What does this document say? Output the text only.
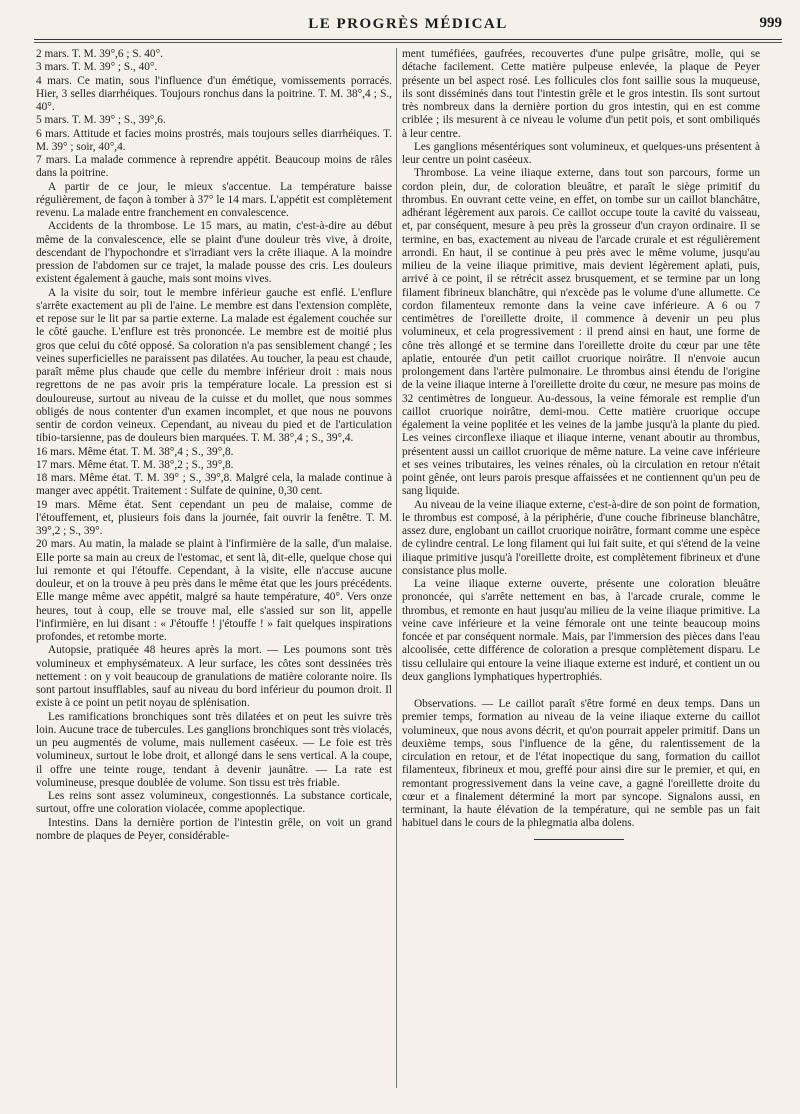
LE PROGRÈS MÉDICAL	999

2 mars. T. M. 39°,6 ; S. 40°.

3 mars. T. M. 39° ; S., 40°.

4 mars. Ce matin, sous l'influence d'un émétique, vomissements porracés. Hier, 3 selles diarrhéiques. Toujours ronchus dans la poitrine. T. M. 38°,4 ; S., 40°.

5 mars. T. M. 39° ; S., 39°,6.

6 mars. Attitude et facies moins prostrés, mais toujours selles diarrhéiques. T. M. 39° ; soir, 40°,4.

7 mars. La malade commence à reprendre appétit. Beaucoup moins de râles dans la poitrine.

A partir de ce jour, le mieux s'accentue. La température baisse régulièrement, de façon à tomber à 37° le 14 mars. L'appétit est complètement revenu. La malade entre franchement en convalescence.

Accidents de la thrombose. Le 15 mars, au matin, c'est-à-dire au début même de la convalescence, elle se plaint d'une douleur très vive, à droite, descendant de l'hypochondre et s'irradiant vers la crête iliaque. A la moindre pression de l'abdomen sur ce trajet, la malade pousse des cris. Les douleurs existent également à gauche, mais sont moins vives.

A la visite du soir, tout le membre inférieur gauche est enflé. L'enflure s'arrête exactement au pli de l'aine. Le membre est dans l'extension complète, et repose sur le lit par sa partie externe. La malade est également couchée sur le côté gauche. L'enflure est très prononcée. Le membre est de moitié plus gros que celui du côté opposé. Sa coloration n'a pas sensiblement changé ; les veines superficielles ne paraissent pas dilatées. Au toucher, la peau est chaude, paraît même plus chaude que celle du membre inférieur droit : mais nous regrettons de ne pas avoir pris la température locale. La pression est si douloureuse, surtout au niveau de la cuisse et du mollet, que nous sommes obligés de nous contenter d'un examen incomplet, et que nous ne pouvons sentir de cordon veineux. Cependant, au niveau du pied et de l'articulation tibio-tarsienne, pas de douleurs bien marquées. T. M. 38°,4 ; S., 39°,4.

16 mars. Même état. T. M. 38°,4 ; S., 39°,8.

17 mars. Même état. T. M. 38°,2 ; S., 39°,8.

18 mars. Même état. T. M. 39° ; S., 39°,8. Malgré cela, la malade continue à manger avec appétit. Traitement : Sulfate de quinine, 0,30 cent.

19 mars. Même état. Sent cependant un peu de malaise, comme de l'étouffement, et, plusieurs fois dans la journée, fait ouvrir la fenêtre. T. M. 39°,2 ; S., 39°.

20 mars. Au matin, la malade se plaint à l'infirmière de la salle, d'un malaise. Elle porte sa main au creux de l'estomac, et sent là, dit-elle, quelque chose qui lui remonte et qui l'étouffe. Cependant, à la visite, elle n'accuse aucune douleur, et on la trouve à peu près dans le même état que les jours précédents. Elle mange même avec appétit, malgré sa haute température, 40°. Vers onze heures, tout à coup, elle se trouve mal, elle s'assied sur son lit, appelle l'infirmière, en lui disant : « J'étouffe ! j'étouffe ! » fait quelques inspirations profondes, et retombe morte.

Autopsie, pratiquée 48 heures après la mort. — Les poumons sont très volumineux et emphysémateux. A leur surface, les côtes sont dessinées très nettement : on y voit beaucoup de granulations de matière colorante noire. Ils sont partout insufflables, sauf au niveau du bord inférieur du poumon droit. Il existe à ce point un petit noyau de splénisation.

Les ramifications bronchiques sont très dilatées et on peut les suivre très loin. Aucune trace de tubercules. Les ganglions bronchiques sont très violacés, un peu augmentés de volume, mais nullement caséeux. — Le foie est très volumineux, surtout le lobe droit, et allongé dans le sens vertical. A la coupe, il offre une teinte rouge, tendant à devenir jaunâtre. — La rate est volumineuse, presque doublée de volume. Son tissu est très friable.

Les reins sont assez volumineux, congestionnés. La substance corticale, surtout, offre une coloration violacée, comme apoplectique.

Intestins. Dans la dernière portion de l'intestin grêle, on voit un grand nombre de plaques de Peyer, considérable-

ment tuméfiées, gaufrées, recouvertes d'une pulpe grisâtre, molle, qui se détache facilement. Cette matière pulpeuse enlevée, la plaque de Peyer présente un bel aspect rosé. Les follicules clos font saillie sous la muqueuse, ils sont disséminés dans tout l'intestin grêle et le gros intestin. Ils sont surtout très nombreux dans la dernière portion du gros intestin, qui en est comme criblée ; ils mesurent à ce niveau le volume d'un petit pois, et sont ombiliqués à leur centre.

Les ganglions mésentériques sont volumineux, et quelques-uns présentent à leur centre un point caséeux.

Thrombose. La veine iliaque externe, dans tout son parcours, forme un cordon plein, dur, de coloration bleuâtre, et paraît le siège primitif du thrombus. En ouvrant cette veine, en effet, on tombe sur un caillot blanchâtre, adhérant légèrement aux parois. Ce caillot occupe toute la cavité du vaisseau, et, par conséquent, mesure à peu près la grosseur d'un crayon ordinaire. Il se termine, en bas, exactement au niveau de l'arcade crurale et est régulièrement arrondi. En haut, il se continue à peu près avec le même volume, jusqu'au milieu de la veine iliaque primitive, mais devient légèrement aplati, puis, arrivé à ce point, il se rétrécit assez brusquement, et se termine par un long filament fibrineux blanchâtre, qui n'excède pas le volume d'une allumette. Ce cordon filamenteux remonte dans la veine cave inférieure. A 6 ou 7 centimètres de l'oreillette droite, il commence à devenir un peu plus volumineux, et cela progressivement : il prend ainsi en haut, une forme de cône très allongé et se termine dans l'oreillette droite du cœur par une tête aplatie, entourée d'un petit caillot cruorique noirâtre. Il n'envoie aucun prolongement dans l'artère pulmonaire. Le thrombus ainsi étendu de l'origine de la veine iliaque interne à l'oreillette droite du cœur, ne mesure pas moins de 32 centimètres de longueur. Au-dessous, la veine fémorale est remplie d'un caillot cruorique noirâtre, demi-mou. Cette matière cruorique occupe également la veine poplitée et les veines de la jambe jusqu'à la plante du pied. Les veines circonflexe iliaque et iliaque interne, venant aboutir au thrombus, présentent aussi un caillot cruorique de même nature. La veine cave inférieure et ses veines tributaires, les veines rénales, où la circulation en retour n'était point gênée, ont leurs parois presque affaissées et ne contiennent qu'un peu de sang liquide.

Au niveau de la veine iliaque externe, c'est-à-dire de son point de formation, le thrombus est composé, à la périphérie, d'une couche fibrineuse blanchâtre, assez dure, englobant un caillot cruorique noirâtre, formant comme une espèce de cylindre central. Le long filament qui lui fait suite, et qui s'étend de la veine iliaque primitive jusqu'à l'oreillette droite, est complètement fibrineux et d'une consistance plus molle.

La veine iliaque externe ouverte, présente une coloration bleuâtre prononcée, qui s'arrête nettement en bas, à l'arcade crurale, comme le thrombus, et remonte en haut jusqu'au milieu de la veine iliaque primitive. La veine cave inférieure et la veine fémorale ont une teinte beaucoup moins foncée et par conséquent normale. Mais, par l'immersion des pièces dans l'eau alcoolisée, cette différence de coloration a presque complètement disparu. Le tissu cellulaire qui entoure la veine iliaque externe est induré, et contient un ou deux ganglions lymphatiques hypertrophiés.

Observations. — Le caillot paraît s'être formé en deux temps. Dans un premier temps, formation au niveau de la veine iliaque externe du caillot volumineux, que nous avons décrit, et qu'on pourrait appeler primitif. Dans un deuxième temps, sous l'influence de la gêne, du ralentissement de la circulation en retour, et de l'état inopectique du sang, formation du caillot filamenteux, fibrineux et mou, greffé pour ainsi dire sur le premier, et qui, en remontant progressivement dans la veine cave, a gagné l'oreillette droite du cœur et a finalement déterminé la mort par syncope. Signalons aussi, en terminant, la haute élévation de la température, qui ne semble pas un fait habituel dans le cours de la phlegmatia alba dolens.
